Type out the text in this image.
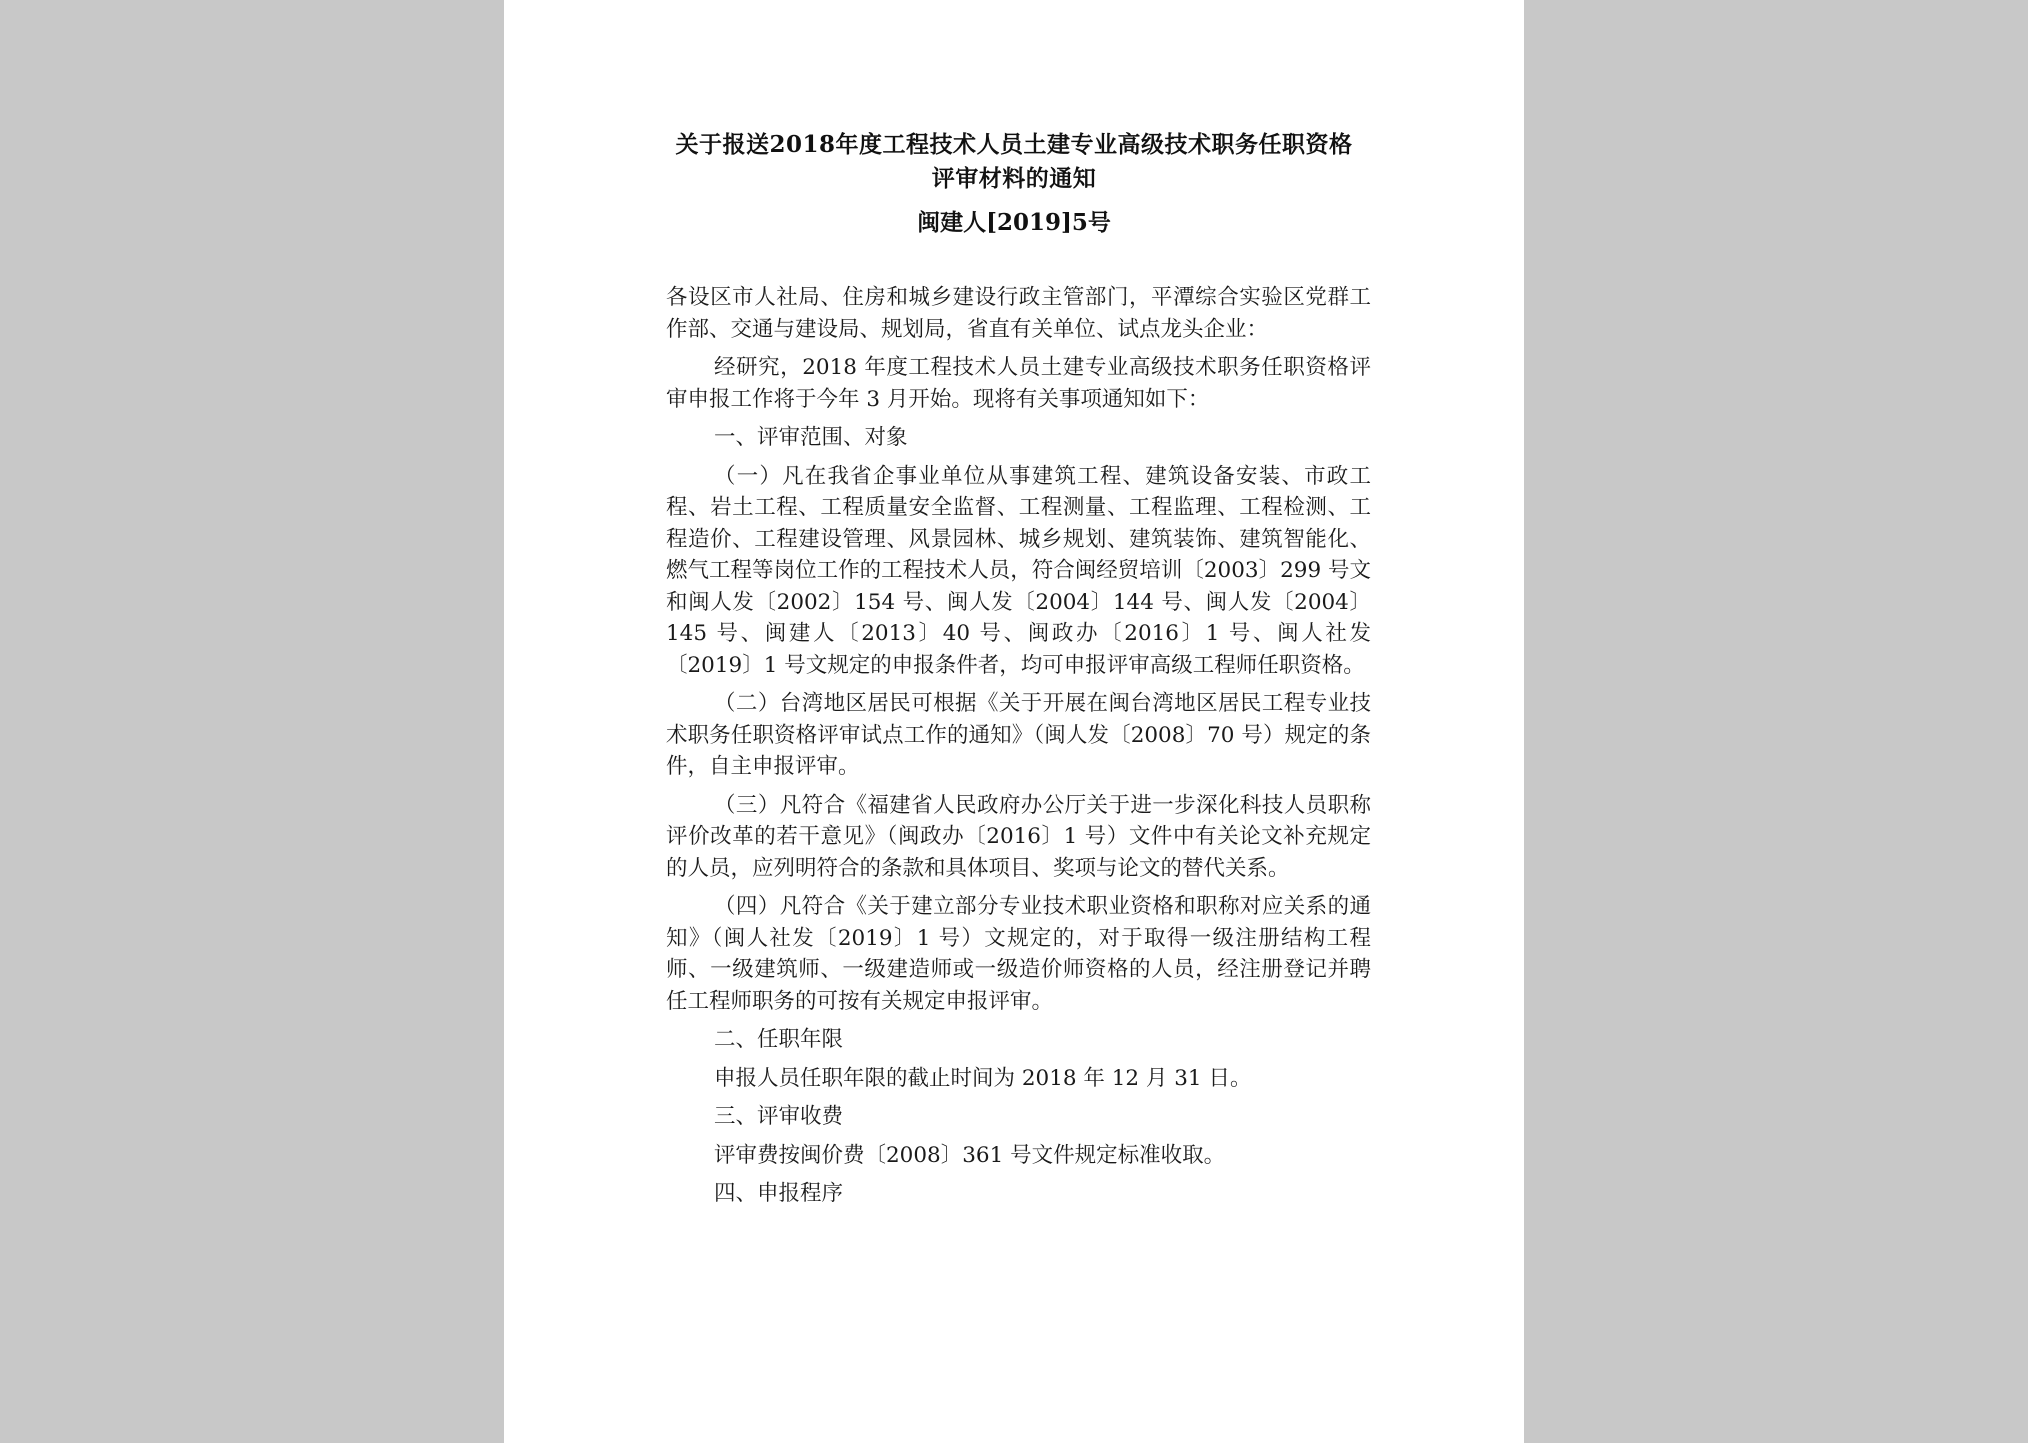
关于报送2018年度工程技术人员土建专业高级技术职务任职资格
评审材料的通知
闽建人[2019]5号

各设区市人社局、住房和城乡建设行政主管部门，平潭综合实验区党群工作部、交通与建设局、规划局，省直有关单位、试点龙头企业：

经研究，2018 年度工程技术人员土建专业高级技术职务任职资格评审申报工作将于今年 3 月开始。现将有关事项通知如下：

一、评审范围、对象

（一）凡在我省企事业单位从事建筑工程、建筑设备安装、市政工程、岩土工程、工程质量安全监督、工程测量、工程监理、工程检测、工程造价、工程建设管理、风景园林、城乡规划、建筑装饰、建筑智能化、燃气工程等岗位工作的工程技术人员，符合闽经贸培训〔2003〕299 号文和闽人发〔2002〕154 号、闽人发〔2004〕144 号、闽人发〔2004〕145 号、闽建人〔2013〕40 号、闽政办〔2016〕1 号、闽人社发〔2019〕1 号文规定的申报条件者，均可申报评审高级工程师任职资格。

（二）台湾地区居民可根据《关于开展在闽台湾地区居民工程专业技术职务任职资格评审试点工作的通知》（闽人发〔2008〕70 号）规定的条件，自主申报评审。

（三）凡符合《福建省人民政府办公厅关于进一步深化科技人员职称评价改革的若干意见》（闽政办〔2016〕1 号）文件中有关论文补充规定的人员，应列明符合的条款和具体项目、奖项与论文的替代关系。

（四）凡符合《关于建立部分专业技术职业资格和职称对应关系的通知》（闽人社发〔2019〕1 号）文规定的，对于取得一级注册结构工程师、一级建筑师、一级建造师或一级造价师资格的人员，经注册登记并聘任工程师职务的可按有关规定申报评审。

二、任职年限

申报人员任职年限的截止时间为 2018 年 12 月 31 日。

三、评审收费

评审费按闽价费〔2008〕361 号文件规定标准收取。

四、申报程序
